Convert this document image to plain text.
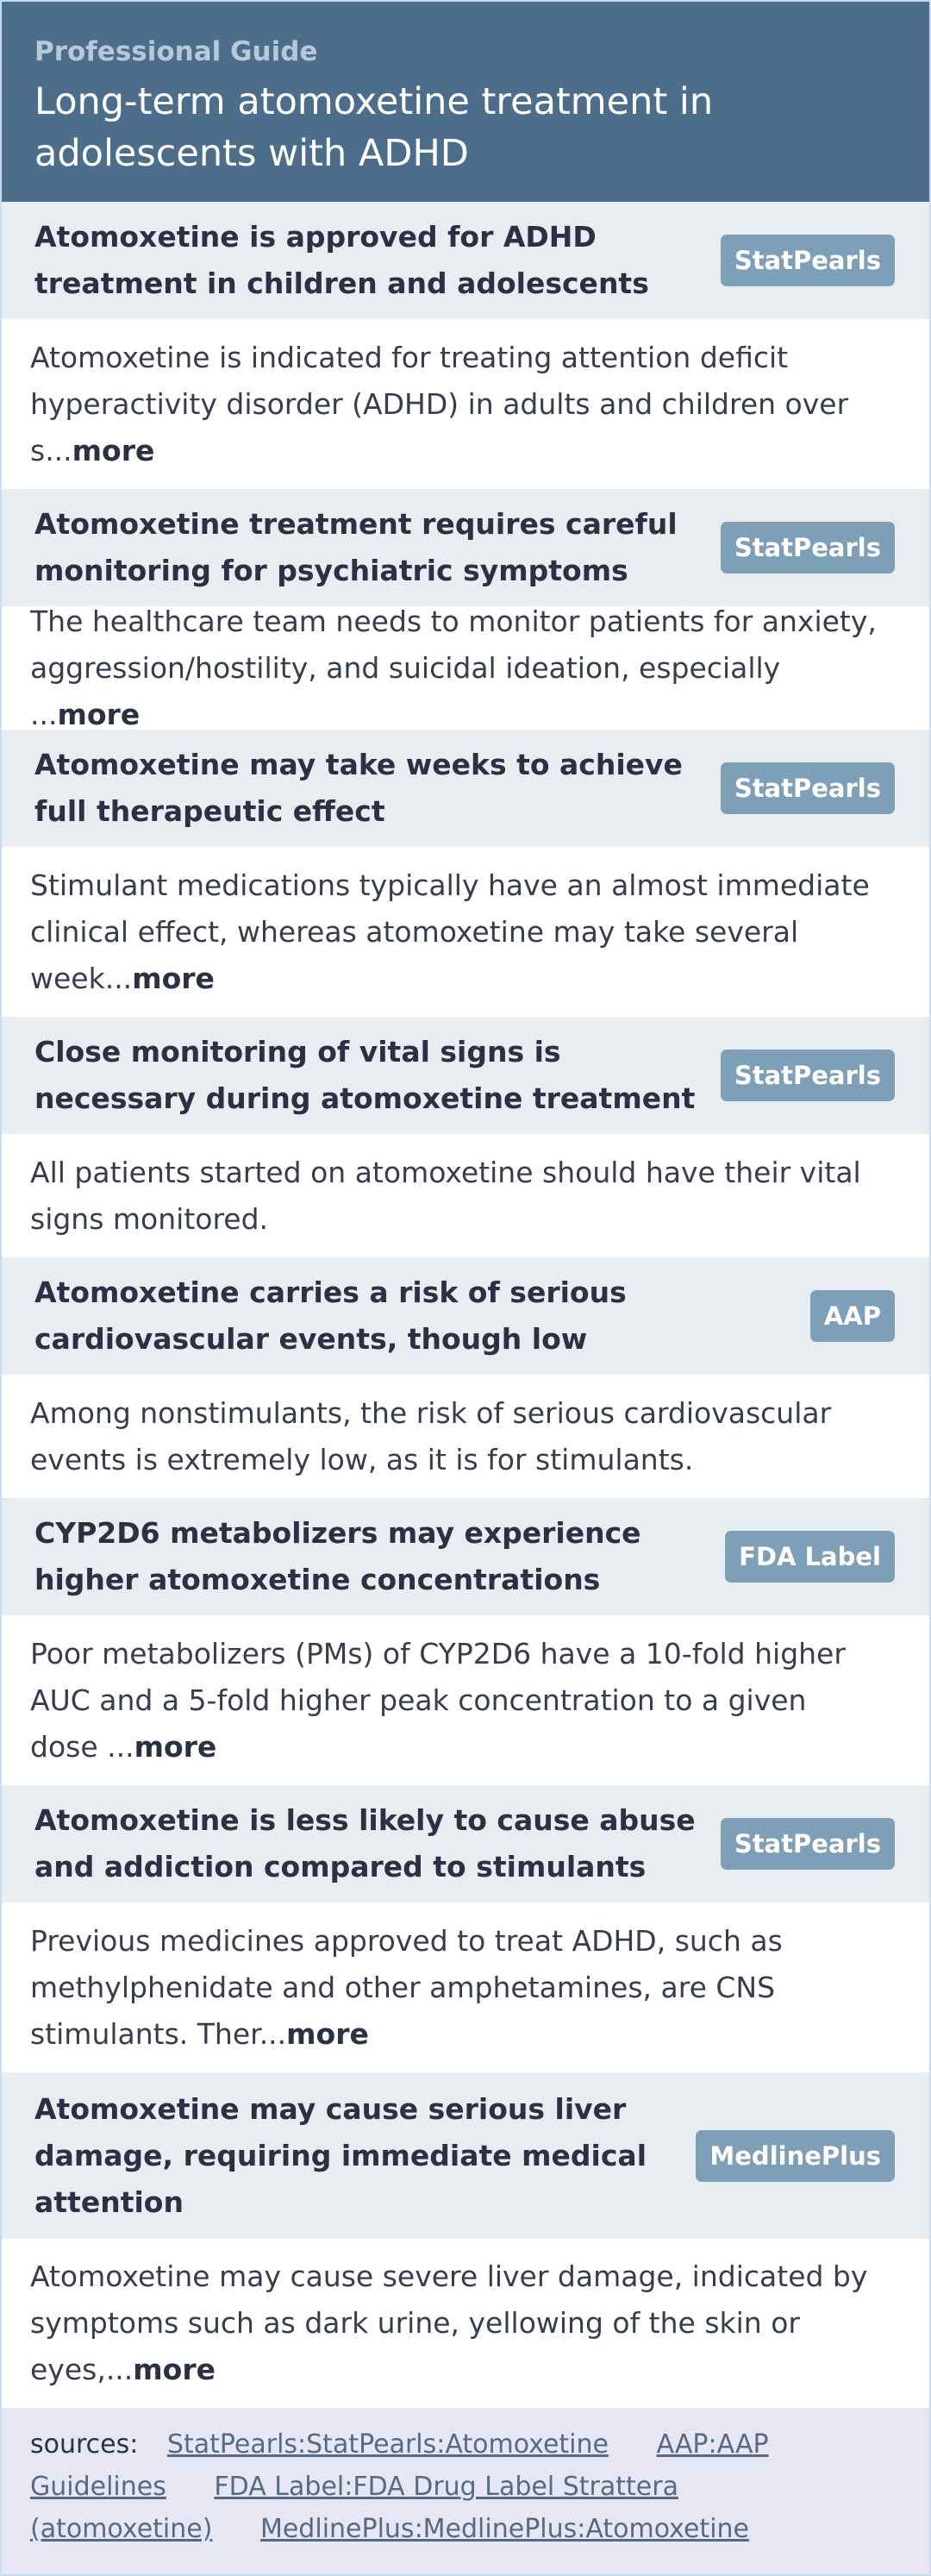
Professional Guide
Long-term atomoxetine treatment in adolescents with ADHD
Atomoxetine is approved for ADHD treatment in children and adolescents
StatPearls
Atomoxetine is indicated for treating attention deficit hyperactivity disorder (ADHD) in adults and children over s...more
Atomoxetine treatment requires careful monitoring for psychiatric symptoms
StatPearls
The healthcare team needs to monitor patients for anxiety, aggression/hostility, and suicidal ideation, especially ...more
Atomoxetine may take weeks to achieve full therapeutic effect
StatPearls
Stimulant medications typically have an almost immediate clinical effect, whereas atomoxetine may take several week...more
Close monitoring of vital signs is necessary during atomoxetine treatment
StatPearls
All patients started on atomoxetine should have their vital signs monitored.
Atomoxetine carries a risk of serious cardiovascular events, though low
AAP
Among nonstimulants, the risk of serious cardiovascular events is extremely low, as it is for stimulants.
CYP2D6 metabolizers may experience higher atomoxetine concentrations
FDA Label
Poor metabolizers (PMs) of CYP2D6 have a 10-fold higher AUC and a 5-fold higher peak concentration to a given dose ...more
Atomoxetine is less likely to cause abuse and addiction compared to stimulants
StatPearls
Previous medicines approved to treat ADHD, such as methylphenidate and other amphetamines, are CNS stimulants. Ther...more
Atomoxetine may cause serious liver damage, requiring immediate medical attention
MedlinePlus
Atomoxetine may cause severe liver damage, indicated by symptoms such as dark urine, yellowing of the skin or eyes,...more
sources: StatPearls:StatPearls:Atomoxetine AAP:AAP Guidelines FDA Label:FDA Drug Label Strattera (atomoxetine) MedlinePlus:MedlinePlus:Atomoxetine
